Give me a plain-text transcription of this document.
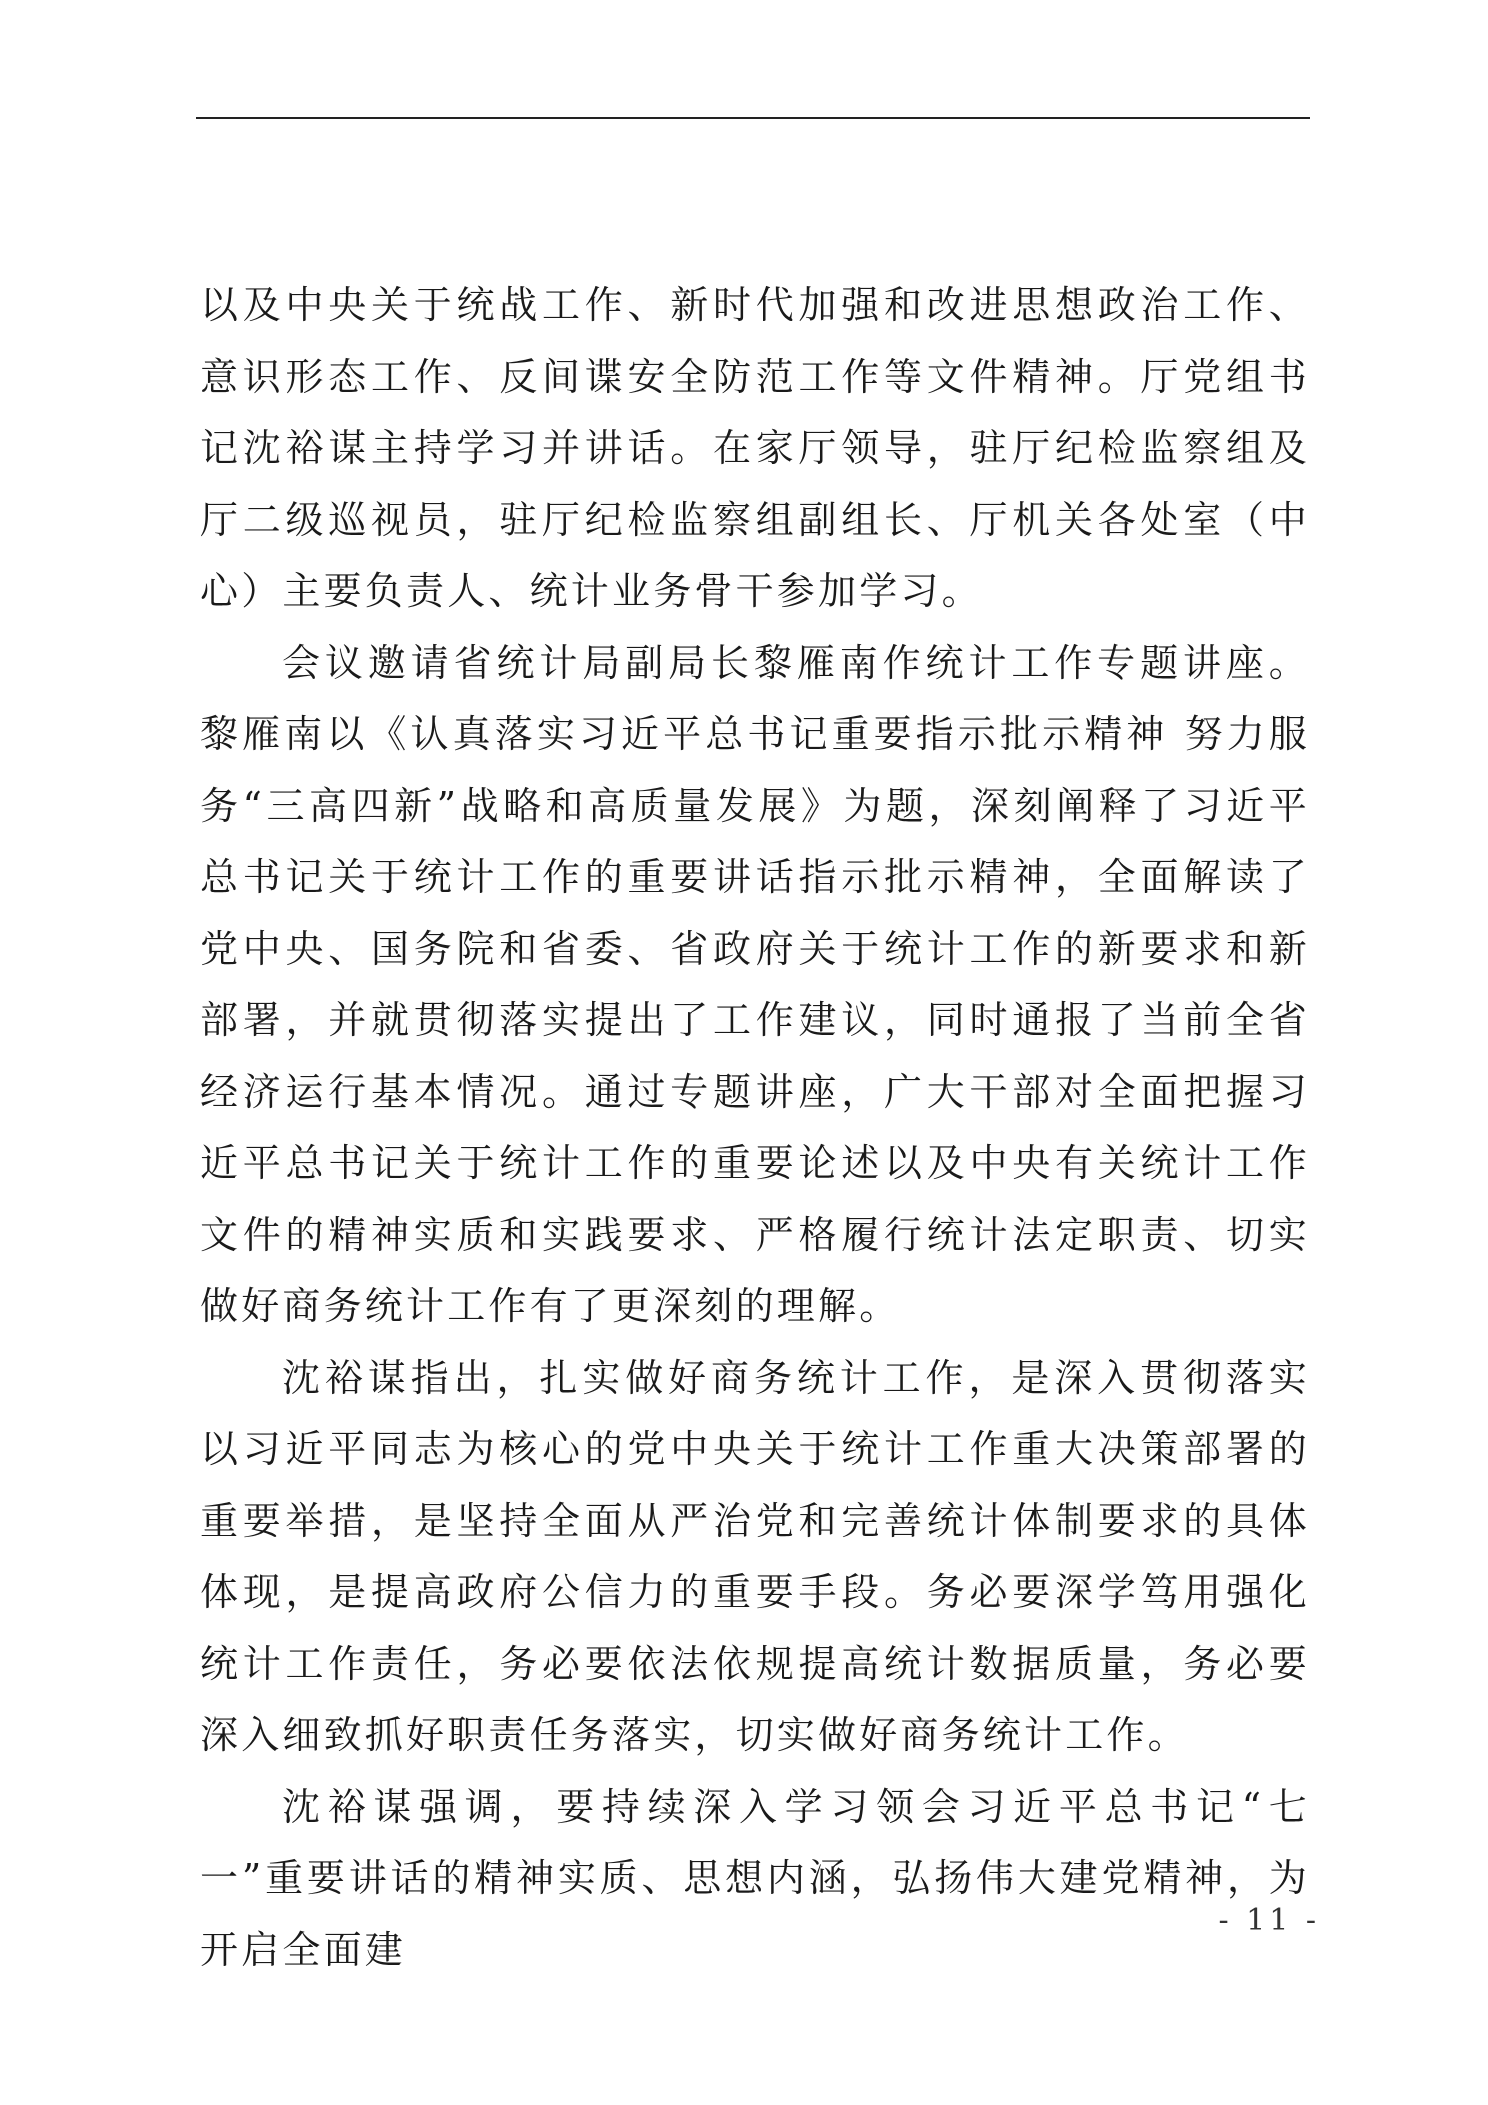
以及中央关于统战工作、新时代加强和改进思想政治工作、意识形态工作、反间谍安全防范工作等文件精神。厅党组书记沈裕谋主持学习并讲话。在家厅领导，驻厅纪检监察组及厅二级巡视员，驻厅纪检监察组副组长、厅机关各处室（中心）主要负责人、统计业务骨干参加学习。

会议邀请省统计局副局长黎雁南作统计工作专题讲座。黎雁南以《认真落实习近平总书记重要指示批示精神 努力服务“三高四新”战略和高质量发展》为题，深刻阐释了习近平总书记关于统计工作的重要讲话指示批示精神，全面解读了党中央、国务院和省委、省政府关于统计工作的新要求和新部署，并就贯彻落实提出了工作建议，同时通报了当前全省经济运行基本情况。通过专题讲座，广大干部对全面把握习近平总书记关于统计工作的重要论述以及中央有关统计工作文件的精神实质和实践要求、严格履行统计法定职责、切实做好商务统计工作有了更深刻的理解。

沈裕谋指出，扎实做好商务统计工作，是深入贯彻落实以习近平同志为核心的党中央关于统计工作重大决策部署的重要举措，是坚持全面从严治党和完善统计体制要求的具体体现，是提高政府公信力的重要手段。务必要深学笃用强化统计工作责任，务必要依法依规提高统计数据质量，务必要深入细致抓好职责任务落实，切实做好商务统计工作。

沈裕谋强调，要持续深入学习领会习近平总书记“七一”重要讲话的精神实质、思想内涵，弘扬伟大建党精神，为开启全面建

- 11 -
